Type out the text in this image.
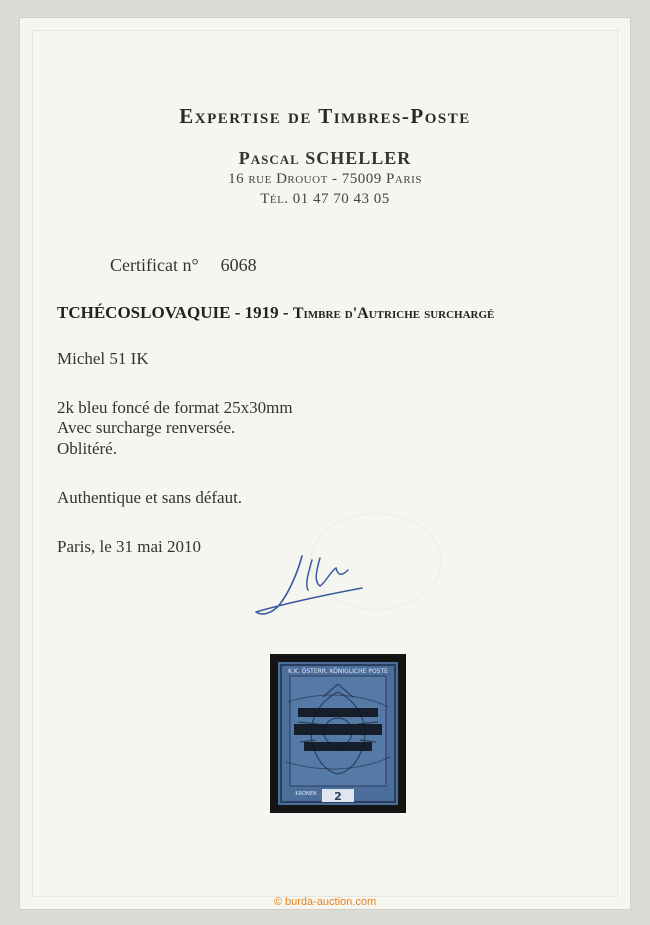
Expertise de Timbres-Poste
Pascal SCHELLER
16 rue Drouot - 75009 Paris
Tél. 01 47 70 43 05
Certificat n° 6068
TCHÉCOSLOVAQUIE - 1919 - Timbre d'Autriche surchargé
Michel 51 IK
2k bleu foncé de format 25x30mm
Avec surcharge renversée.
Oblitéré.
Authentique et sans défaut.
Paris, le 31 mai 2010
K.K. ÖSTERR. KÖNIGLICHE POSTE
2
KRONEN
© burda-auction.com
